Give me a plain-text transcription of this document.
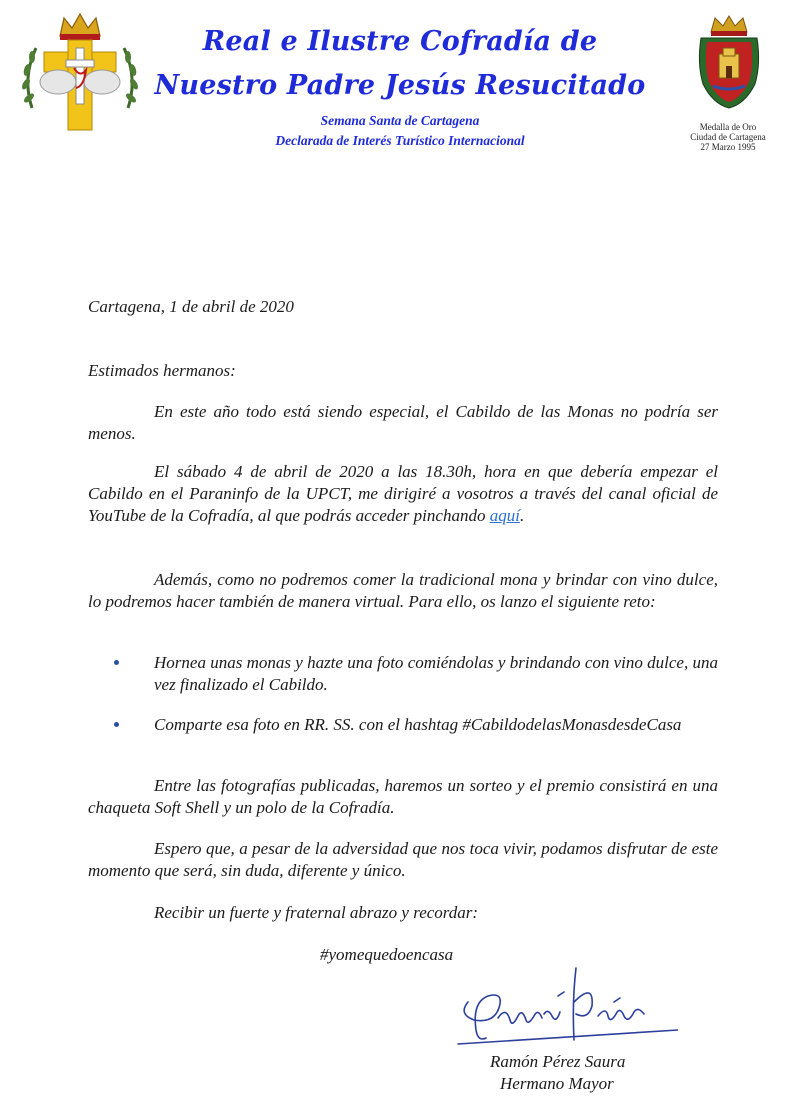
Real e Ilustre Cofradía de
Nuestro Padre Jesús Resucitado
Semana Santa de Cartagena
Declarada de Interés Turístico Internacional
Medalla de Oro
Ciudad de Cartagena
27 Marzo 1995
Cartagena, 1 de abril de 2020
Estimados hermanos:
En este año todo está siendo especial, el Cabildo de las Monas no podría ser menos.
El sábado 4 de abril de 2020 a las 18.30h, hora en que debería empezar el Cabildo en el Paraninfo de la UPCT, me dirigiré a vosotros a través del canal oficial de YouTube de la Cofradía, al que podrás acceder pinchando aquí.
Además, como no podremos comer la tradicional mona y brindar con vino dulce, lo podremos hacer también de manera virtual. Para ello, os lanzo el siguiente reto:
Hornea unas monas y hazte una foto comiéndolas y brindando con vino dulce, una vez finalizado el Cabildo.
Comparte esa foto en RR. SS. con el hashtag #CabildodelasMonasdesdeCasa
Entre las fotografías publicadas, haremos un sorteo y el premio consistirá en una chaqueta Soft Shell y un polo de la Cofradía.
Espero que, a pesar de la adversidad que nos toca vivir, podamos disfrutar de este momento que será, sin duda, diferente y único.
Recibir un fuerte y fraternal abrazo y recordar:
#yomequedoencasa
Ramón Pérez Saura
Hermano Mayor
